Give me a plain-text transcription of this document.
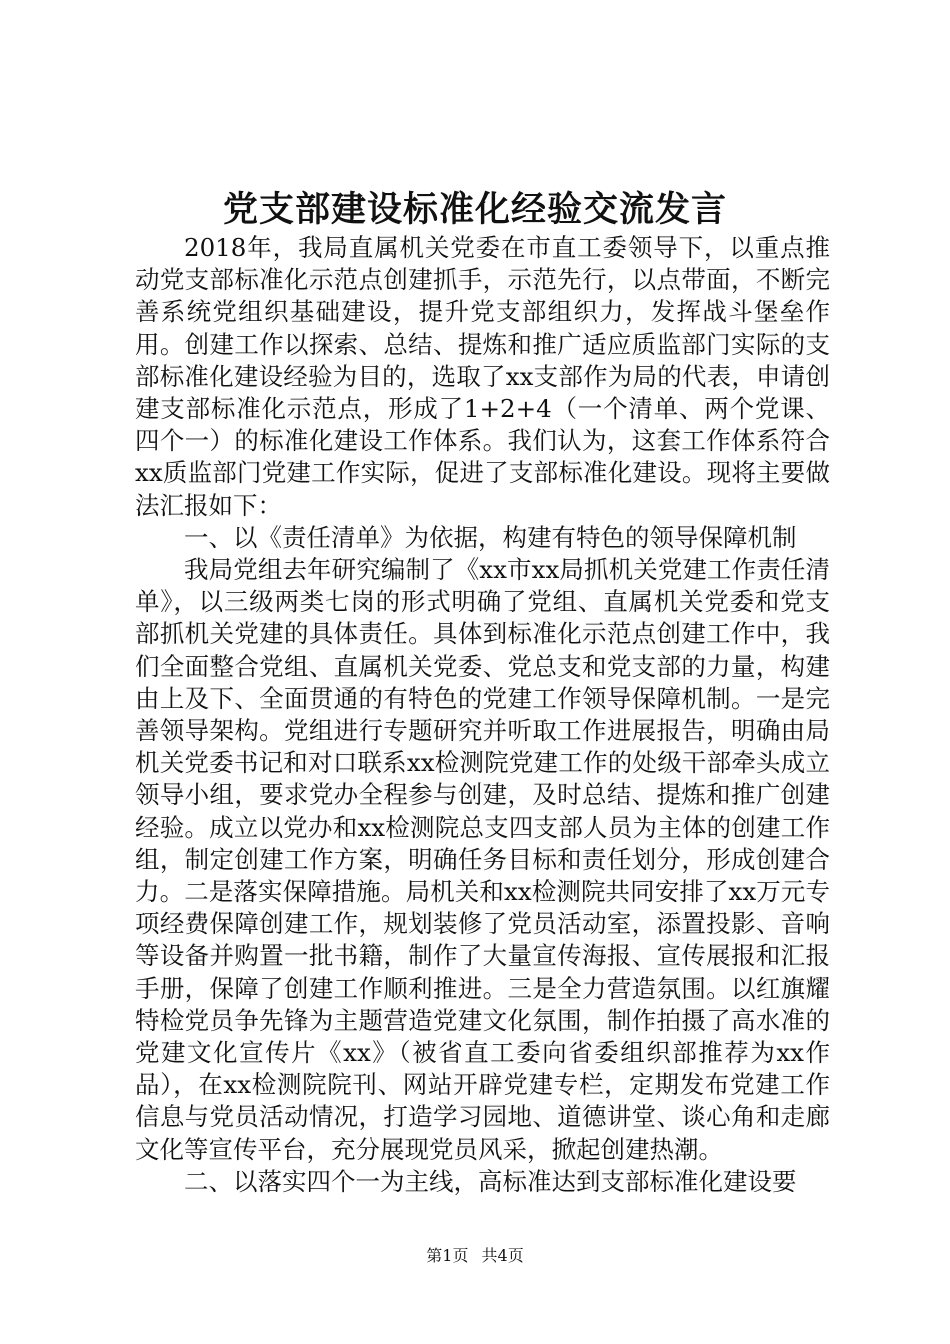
党支部建设标准化经验交流发言

2018年，我局直属机关党委在市直工委领导下，以重点推动党支部标准化示范点创建抓手，示范先行，以点带面，不断完善系统党组织基础建设，提升党支部组织力，发挥战斗堡垒作用。创建工作以探索、总结、提炼和推广适应质监部门实际的支部标准化建设经验为目的，选取了xx支部作为局的代表，申请创建支部标准化示范点，形成了1+2+4（一个清单、两个党课、四个一）的标准化建设工作体系。我们认为，这套工作体系符合xx质监部门党建工作实际，促进了支部标准化建设。现将主要做法汇报如下：

一、以《责任清单》为依据，构建有特色的领导保障机制

我局党组去年研究编制了《xx市xx局抓机关党建工作责任清单》，以三级两类七岗的形式明确了党组、直属机关党委和党支部抓机关党建的具体责任。具体到标准化示范点创建工作中，我们全面整合党组、直属机关党委、党总支和党支部的力量，构建由上及下、全面贯通的有特色的党建工作领导保障机制。一是完善领导架构。党组进行专题研究并听取工作进展报告，明确由局机关党委书记和对口联系xx检测院党建工作的处级干部牵头成立领导小组，要求党办全程参与创建，及时总结、提炼和推广创建经验。成立以党办和xx检测院总支四支部人员为主体的创建工作组，制定创建工作方案，明确任务目标和责任划分，形成创建合力。二是落实保障措施。局机关和xx检测院共同安排了xx万元专项经费保障创建工作，规划装修了党员活动室，添置投影、音响等设备并购置一批书籍，制作了大量宣传海报、宣传展报和汇报手册，保障了创建工作顺利推进。三是全力营造氛围。以红旗耀特检党员争先锋为主题营造党建文化氛围，制作拍摄了高水准的党建文化宣传片《xx》（被省直工委向省委组织部推荐为xx作品），在xx检测院院刊、网站开辟党建专栏，定期发布党建工作信息与党员活动情况，打造学习园地、道德讲堂、谈心角和走廊文化等宣传平台，充分展现党员风采，掀起创建热潮。

二、以落实四个一为主线，高标准达到支部标准化建设要

第1页 共4页
